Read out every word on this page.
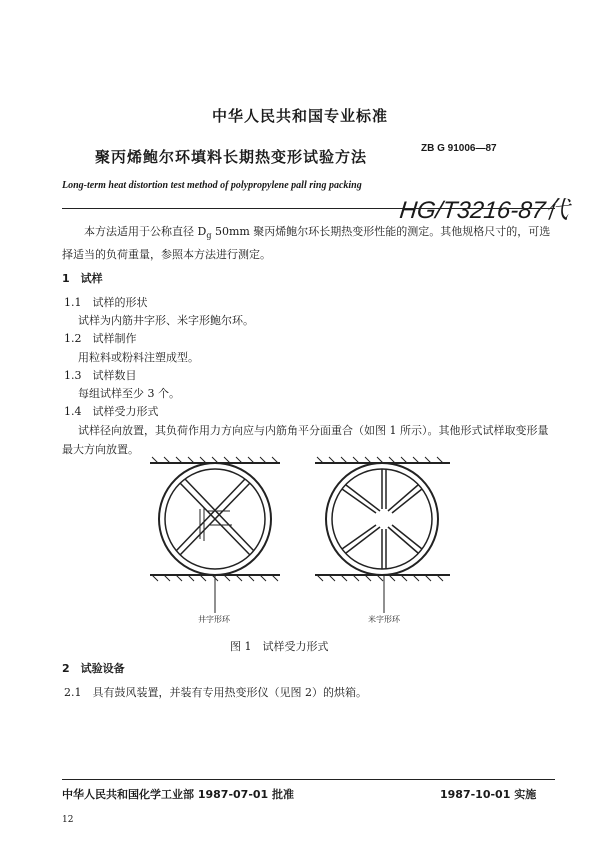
中华人民共和国专业标准
聚丙烯鲍尔环填料长期热变形试验方法	ZB G 91006—87
Long-term heat distortion test method of polypropylene pall ring packing
HG/T3216-87代
本方法适用于公称直径 $D_g$ 50mm 聚丙烯鲍尔环长期热变形性能的测定。其他规格尺寸的，可选择适当的负荷重量，参照本方法进行测定。
1　试样
1.1　试样的形状
试样为内筋井字形、米字形鲍尔环。
1.2　试样制作
用粒料或粉料注塑成型。
1.3　试样数目
每组试样至少 3 个。
1.4　试样受力形式
试样径向放置，其负荷作用力方向应与内筋角平分面重合（如图 1 所示）。其他形式试样取变形量最大方向放置。
井字形环	米字形环
图 1　试样受力形式
2　试验设备
2.1　具有鼓风装置，并装有专用热变形仪（见图 2）的烘箱。
中华人民共和国化学工业部 1987-07-01 批准	1987-10-01 实施
12
